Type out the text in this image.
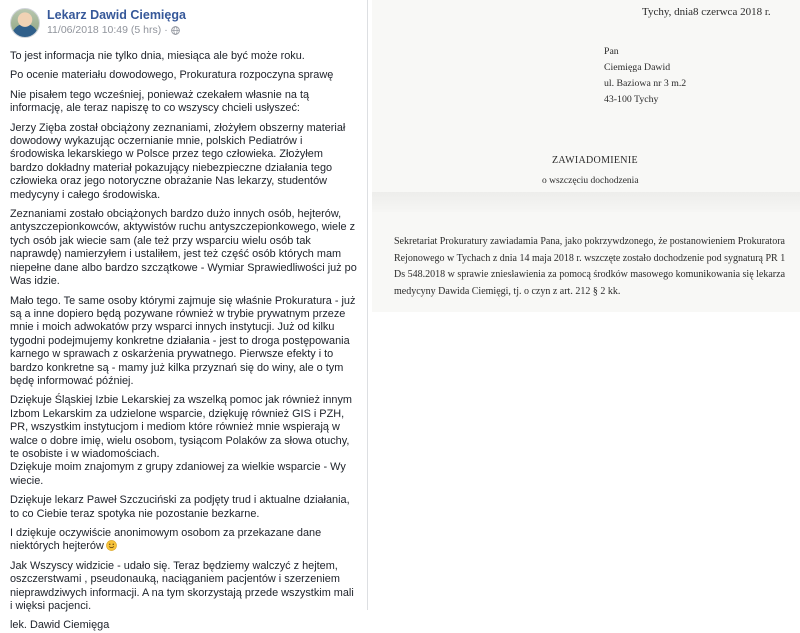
Lekarz Dawid Ciemięga
11/06/2018 10:49 (5 hrs) ·

To jest informacja nie tylko dnia, miesiąca ale być może roku.

Po ocenie materiału dowodowego, Prokuratura rozpoczyna sprawę

Nie pisałem tego wcześniej, ponieważ czekałem własnie na tą informację, ale teraz napiszę to co wszyscy chcieli usłyszeć:

Jerzy Zięba został obciążony zeznaniami, złożyłem obszerny materiał dowodowy wykazując oczernianie mnie, polskich Pediatrów i środowiska lekarskiego w Polsce przez tego człowieka. Złożyłem bardzo dokładny materiał pokazujący niebezpieczne działania tego człowieka oraz jego notoryczne obrażanie Nas lekarzy, studentów medycyny i całego środowiska.

Zeznaniami zostało obciążonych bardzo dużo innych osób, hejterów, antyszczepionkowców, aktywistów ruchu antyszczepionkowego, wiele z tych osób jak wiecie sam (ale też przy wsparciu wielu osób tak naprawdę) namierzyłem i ustaliłem, jest też część osób których mam niepełne dane albo bardzo szczątkowe - Wymiar Sprawiedliwości już po Was idzie.

Mało tego. Te same osoby którymi zajmuje się właśnie Prokuratura - już są a inne dopiero będą pozywane również w trybie prywatnym przeze mnie i moich adwokatów przy wsparci innych instytucji. Już od kilku tygodni podejmujemy konkretne działania - jest to droga postępowania karnego w sprawach z oskarżenia prywatnego. Pierwsze efekty i to bardzo konkretne są - mamy już kilka przyznań się do winy, ale o tym będę informować później.

Dziękuje Śląskiej Izbie Lekarskiej za wszelką pomoc jak również innym Izbom Lekarskim za udzielone wsparcie, dziękuję również GIS i PZH, PR, wszystkim instytucjom i mediom które również mnie wspierają w walce o dobre imię, wielu osobom, tysiącom Polaków za słowa otuchy, te osobiste i w wiadomościach.

Dziękuje moim znajomym z grupy zdaniowej za wielkie wsparcie - Wy wiecie.

Dziękuje lekarz Paweł Szczuciński za podjęty trud i aktualne działania, to co Ciebie teraz spotyka nie pozostanie bezkarne.

I dziękuje oczywiście anonimowym osobom za przekazane dane niektórych hejterów

Jak Wszyscy widzicie - udało się. Teraz będziemy walczyć z hejtem, oszczerstwami , pseudonauką, naciąganiem pacjentów i szerzeniem nieprawdziwych informacji. A na tym skorzystają przede wszystkim mali i więksi pacjenci.

lek. Dawid Ciemięga

Tychy, dnia8 czerwca 2018 r.
Pan
Ciemięga Dawid
ul. Baziowa nr 3 m.2
43-100 Tychy
ZAWIADOMIENIE
o wszczęciu dochodzenia
Sekretariat Prokuratury zawiadamia Pana, jako pokrzywdzonego, że postanowieniem Prokuratora
Rejonowego w Tychach z dnia 14 maja 2018 r. wszczęte zostało dochodzenie pod sygnaturą PR 1
Ds 548.2018 w sprawie zniesławienia za pomocą środków masowego komunikowania się lekarza
medycyny Dawida Ciemięgi, tj. o czyn z art. 212 § 2 kk.
